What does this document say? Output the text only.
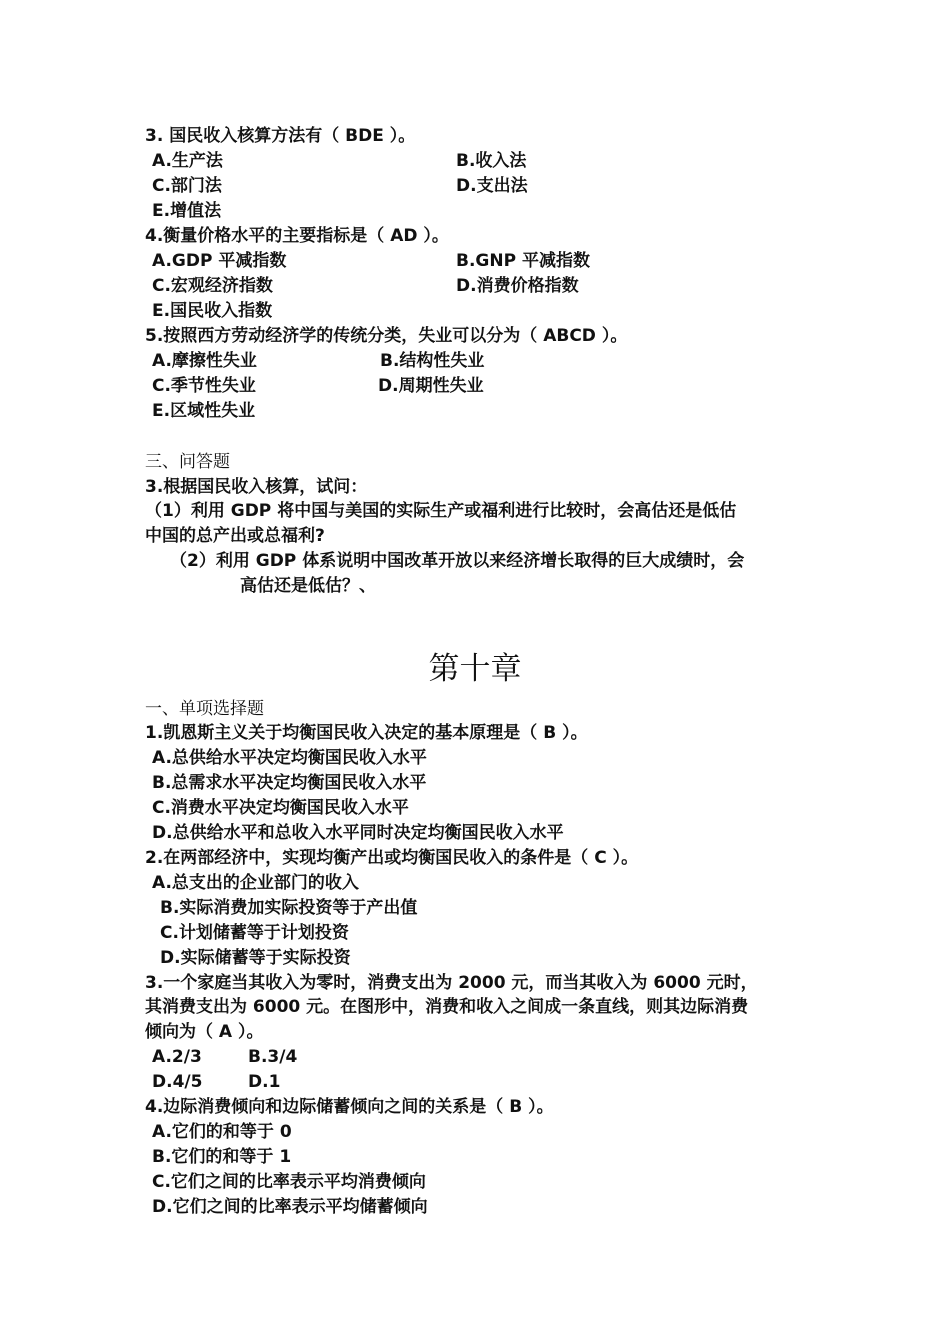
3. 国民收入核算方法有（ BDE ）。
A.生产法	B.收入法
C.部门法	D.支出法
E.增值法
4.衡量价格水平的主要指标是（ AD ）。
A.GDP 平减指数	B.GNP 平减指数
C.宏观经济指数	D.消费价格指数
E.国民收入指数
5.按照西方劳动经济学的传统分类，失业可以分为（ ABCD ）。
A.摩擦性失业	B.结构性失业
C.季节性失业	D.周期性失业
E.区域性失业
三、问答题
3.根据国民收入核算，试问：
（1）利用 GDP 将中国与美国的实际生产或福利进行比较时，会高估还是低估
中国的总产出或总福利?
（2）利用 GDP 体系说明中国改革开放以来经济增长取得的巨大成绩时，会
高估还是低估？、
第十章
一、单项选择题
1.凯恩斯主义关于均衡国民收入决定的基本原理是（ B ）。
A.总供给水平决定均衡国民收入水平
B.总需求水平决定均衡国民收入水平
C.消费水平决定均衡国民收入水平
D.总供给水平和总收入水平同时决定均衡国民收入水平
2.在两部经济中，实现均衡产出或均衡国民收入的条件是（ C ）。
A.总支出的企业部门的收入
B.实际消费加实际投资等于产出值
C.计划储蓄等于计划投资
D.实际储蓄等于实际投资
3.一个家庭当其收入为零时，消费支出为 2000 元，而当其收入为 6000 元时，
其消费支出为 6000 元。在图形中，消费和收入之间成一条直线，则其边际消费
倾向为（ A ）。
A.2/3	B.3/4
D.4/5	D.1
4.边际消费倾向和边际储蓄倾向之间的关系是（ B ）。
A.它们的和等于 0
B.它们的和等于 1
C.它们之间的比率表示平均消费倾向
D.它们之间的比率表示平均储蓄倾向
